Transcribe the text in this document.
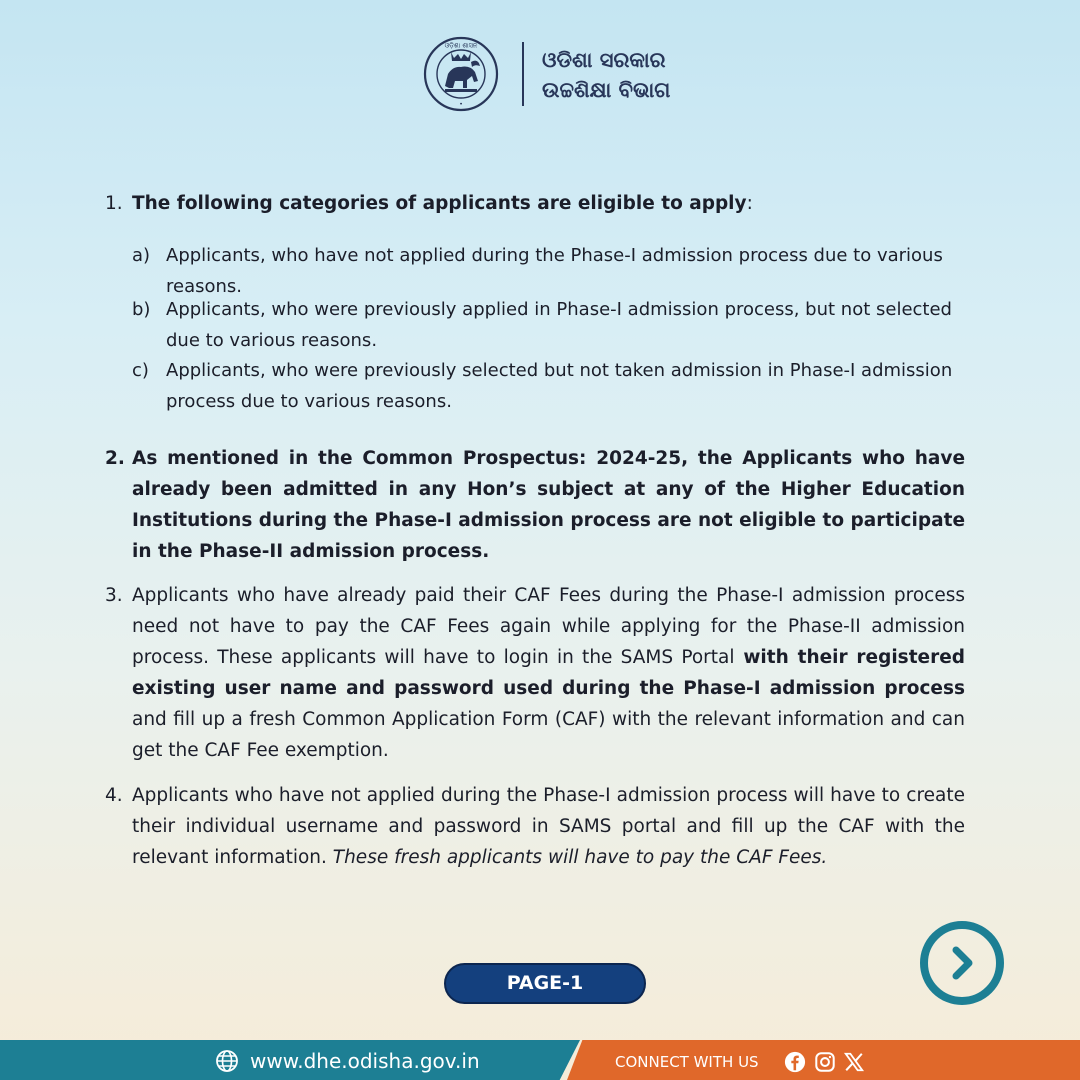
ଓଡ଼ିଶା ଶାସନ
•
ଓଡିଶା ସରକାର
ଉଚ୍ଚଶିକ୍ଷା ବିଭାଗ
1. The following categories of applicants are eligible to apply:
a) Applicants, who have not applied during the Phase-I admission process due to various reasons.
b) Applicants, who were previously applied in Phase-I admission process, but not selected due to various reasons.
c) Applicants, who were previously selected but not taken admission in Phase-I admission process due to various reasons.
2. As mentioned in the Common Prospectus: 2024-25, the Applicants who have already been admitted in any Hon’s subject at any of the Higher Education Institutions during the Phase-I admission process are not eligible to participate in the Phase-II admission process.
3. Applicants who have already paid their CAF Fees during the Phase-I admission process need not have to pay the CAF Fees again while applying for the Phase-II admission process. These applicants will have to login in the SAMS Portal with their registered existing user name and password used during the Phase-I admission process and fill up a fresh Common Application Form (CAF) with the relevant information and can get the CAF Fee exemption.
4. Applicants who have not applied during the Phase-I admission process will have to create their individual username and password in SAMS portal and fill up the CAF with the relevant information. These fresh applicants will have to pay the CAF Fees.
PAGE-1
www.dhe.odisha.gov.in	CONNECT WITH US
